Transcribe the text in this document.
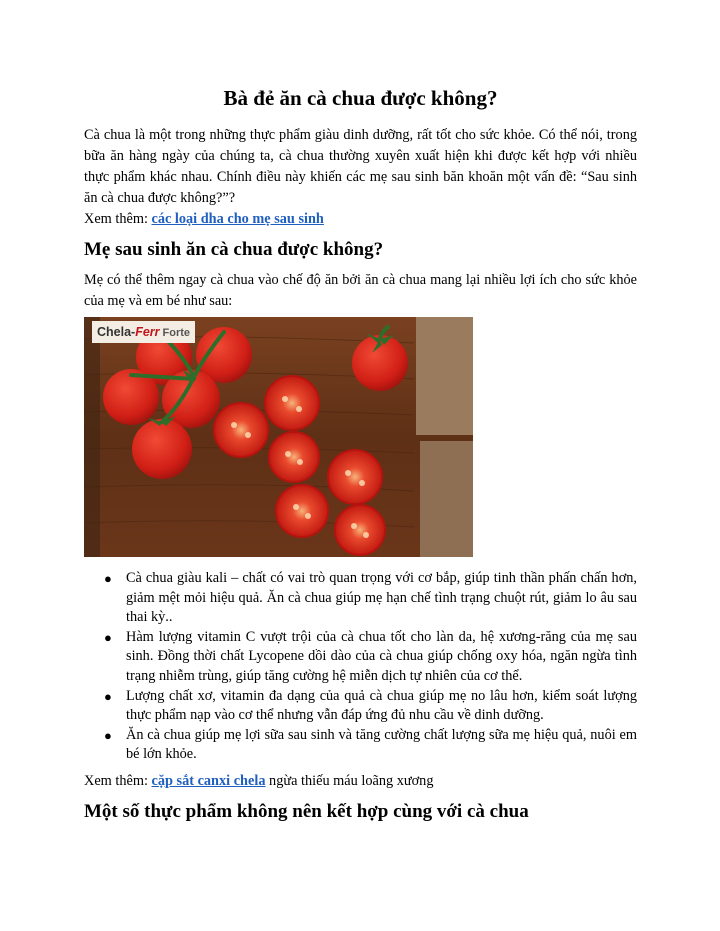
Bà đẻ ăn cà chua được không?

Cà chua là một trong những thực phẩm giàu dinh dưỡng, rất tốt cho sức khỏe. Có thể nói, trong bữa ăn hàng ngày của chúng ta, cà chua thường xuyên xuất hiện khi được kết hợp với nhiều thực phẩm khác nhau. Chính điều này khiến các mẹ sau sinh băn khoăn một vấn đề: “Sau sinh ăn cà chua được không?”?

Xem thêm: các loại dha cho mẹ sau sinh

Mẹ sau sinh ăn cà chua được không?

Mẹ có thể thêm ngay cà chua vào chế độ ăn bởi ăn cà chua mang lại nhiều lợi ích cho sức khỏe của mẹ và em bé như sau:

Chela-Ferr Forte
● Cà chua giàu kali – chất có vai trò quan trọng với cơ bắp, giúp tinh thần phấn chấn hơn, giảm mệt mỏi hiệu quả. Ăn cà chua giúp mẹ hạn chế tình trạng chuột rút, giảm lo âu sau thai kỳ..
● Hàm lượng vitamin C vượt trội của cà chua tốt cho làn da, hệ xương-răng của mẹ sau sinh. Đồng thời chất Lycopene dồi dào của cà chua giúp chống oxy hóa, ngăn ngừa tình trạng nhiễm trùng, giúp tăng cường hệ miễn dịch tự nhiên của cơ thể.
● Lượng chất xơ, vitamin đa dạng của quả cà chua giúp mẹ no lâu hơn, kiểm soát lượng thực phẩm nạp vào cơ thể nhưng vẫn đáp ứng đủ nhu cầu về dinh dưỡng.
● Ăn cà chua giúp mẹ lợi sữa sau sinh và tăng cường chất lượng sữa mẹ hiệu quả, nuôi em bé lớn khỏe.

Xem thêm: cặp sắt canxi chela ngừa thiếu máu loãng xương

Một số thực phẩm không nên kết hợp cùng với cà chua
